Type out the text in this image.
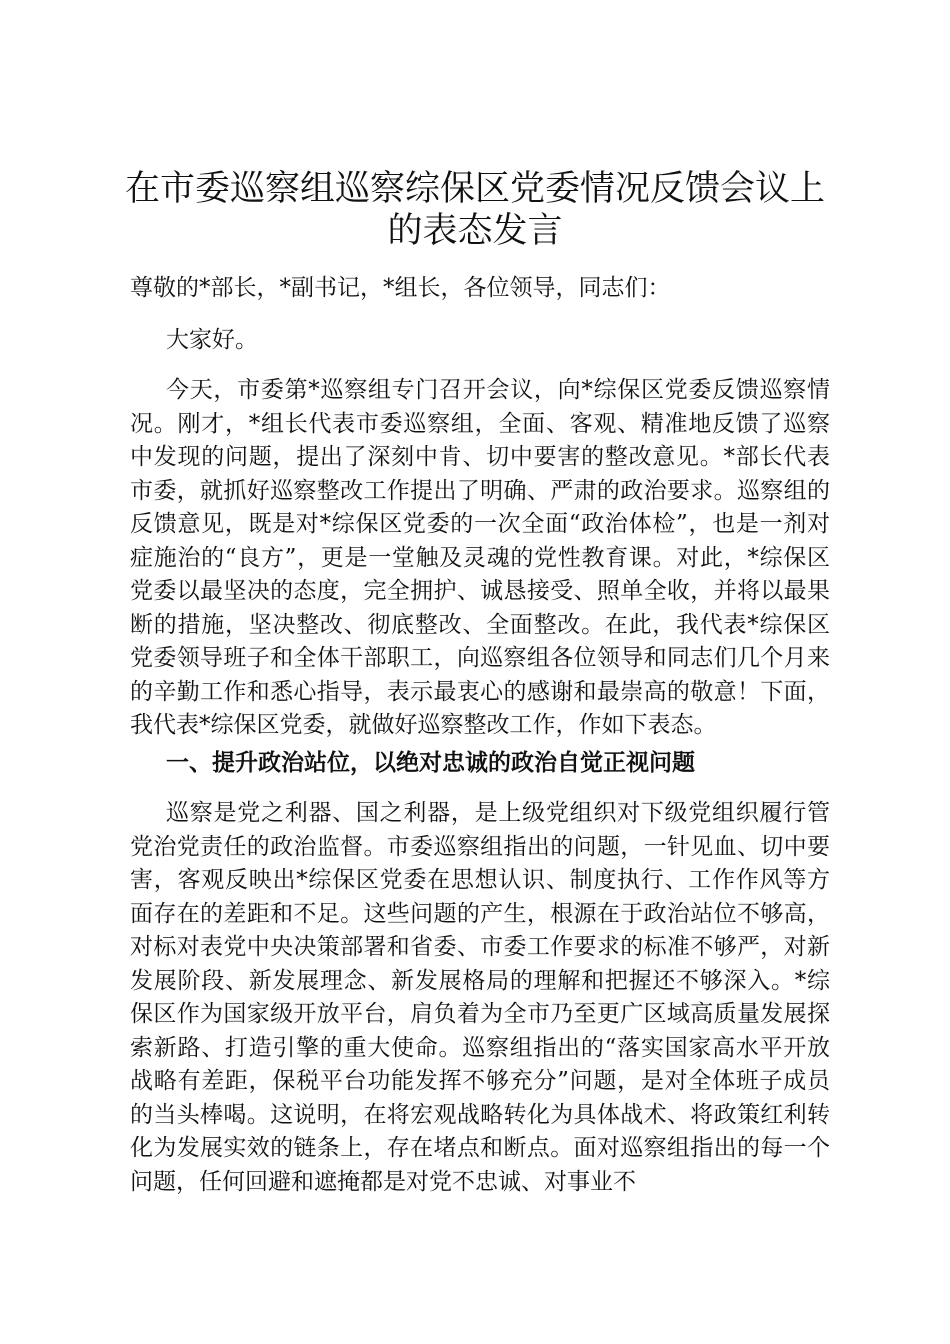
在市委巡察组巡察综保区党委情况反馈会议上的表态发言

尊敬的*部长，*副书记，*组长，各位领导，同志们：

大家好。

今天，市委第*巡察组专门召开会议，向*综保区党委反馈巡察情况。刚才，*组长代表市委巡察组，全面、客观、精准地反馈了巡察中发现的问题，提出了深刻中肯、切中要害的整改意见。*部长代表市委，就抓好巡察整改工作提出了明确、严肃的政治要求。巡察组的反馈意见，既是对*综保区党委的一次全面“政治体检”，也是一剂对症施治的“良方”，更是一堂触及灵魂的党性教育课。对此，*综保区党委以最坚决的态度，完全拥护、诚恳接受、照单全收，并将以最果断的措施，坚决整改、彻底整改、全面整改。在此，我代表*综保区党委领导班子和全体干部职工，向巡察组各位领导和同志们几个月来的辛勤工作和悉心指导，表示最衷心的感谢和最崇高的敬意！下面，我代表*综保区党委，就做好巡察整改工作，作如下表态。

一、提升政治站位，以绝对忠诚的政治自觉正视问题

巡察是党之利器、国之利器，是上级党组织对下级党组织履行管党治党责任的政治监督。市委巡察组指出的问题，一针见血、切中要害，客观反映出*综保区党委在思想认识、制度执行、工作作风等方面存在的差距和不足。这些问题的产生，根源在于政治站位不够高，对标对表党中央决策部署和省委、市委工作要求的标准不够严，对新发展阶段、新发展理念、新发展格局的理解和把握还不够深入。*综保区作为国家级开放平台，肩负着为全市乃至更广区域高质量发展探索新路、打造引擎的重大使命。巡察组指出的“落实国家高水平开放战略有差距，保税平台功能发挥不够充分”问题，是对全体班子成员的当头棒喝。这说明，在将宏观战略转化为具体战术、将政策红利转化为发展实效的链条上，存在堵点和断点。面对巡察组指出的每一个问题，任何回避和遮掩都是对党不忠诚、对事业不
